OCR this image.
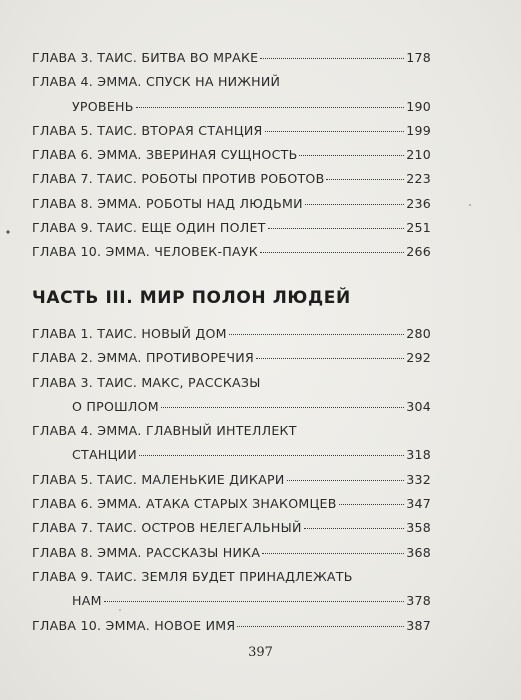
ГЛАВА 3. ТАИС. БИТВА ВО МРАКЕ	178
ГЛАВА 4. ЭММА. СПУСК НА НИЖНИЙ
УРОВЕНЬ	190
ГЛАВА 5. ТАИС. ВТОРАЯ СТАНЦИЯ	199
ГЛАВА 6. ЭММА. ЗВЕРИНАЯ СУЩНОСТЬ	210
ГЛАВА 7. ТАИС. РОБОТЫ ПРОТИВ РОБОТОВ	223
ГЛАВА 8. ЭММА. РОБОТЫ НАД ЛЮДЬМИ	236
ГЛАВА 9. ТАИС. ЕЩЕ ОДИН ПОЛЕТ	251
ГЛАВА 10. ЭММА. ЧЕЛОВЕК-ПАУК	266
ЧАСТЬ III. МИР ПОЛОН ЛЮДЕЙ
ГЛАВА 1. ТАИС. НОВЫЙ ДОМ	280
ГЛАВА 2. ЭММА. ПРОТИВОРЕЧИЯ	292
ГЛАВА 3. ТАИС. МАКС, РАССКАЗЫ
О ПРОШЛОМ	304
ГЛАВА 4. ЭММА. ГЛАВНЫЙ ИНТЕЛЛЕКТ
СТАНЦИИ	318
ГЛАВА 5. ТАИС. МАЛЕНЬКИЕ ДИКАРИ	332
ГЛАВА 6. ЭММА. АТАКА СТАРЫХ ЗНАКОМЦЕВ	347
ГЛАВА 7. ТАИС. ОСТРОВ НЕЛЕГАЛЬНЫЙ	358
ГЛАВА 8. ЭММА. РАССКАЗЫ НИКА	368
ГЛАВА 9. ТАИС. ЗЕМЛЯ БУДЕТ ПРИНАДЛЕЖАТЬ
НАМ	378
ГЛАВА 10. ЭММА. НОВОЕ ИМЯ	387
397
